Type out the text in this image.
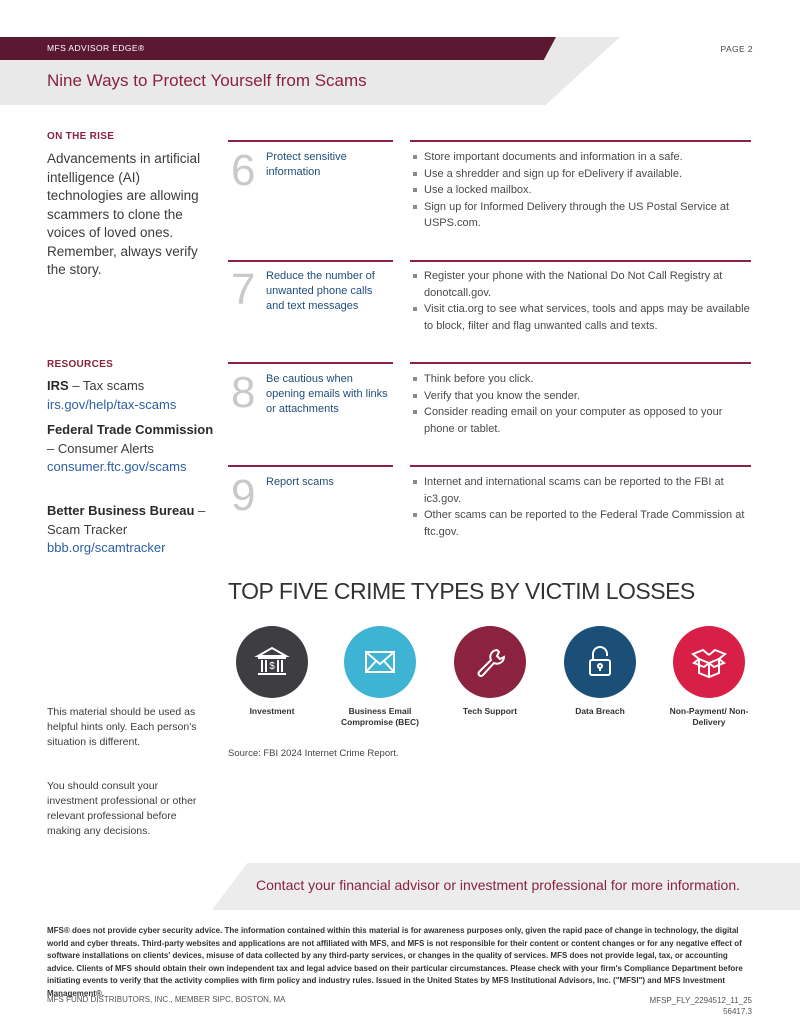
MFS ADVISOR EDGE®	PAGE 2
Nine Ways to Protect Yourself from Scams
ON THE RISE
Advancements in artificial intelligence (AI) technologies are allowing scammers to clone the voices of loved ones. Remember, always verify the story.
RESOURCES
IRS – Tax scams
irs.gov/help/tax-scams
Federal Trade Commission – Consumer Alerts
consumer.ftc.gov/scams
Better Business Bureau – Scam Tracker
bbb.org/scamtracker
6 Protect sensitive information
Store important documents and information in a safe.
Use a shredder and sign up for eDelivery if available.
Use a locked mailbox.
Sign up for Informed Delivery through the US Postal Service at USPS.com.
7 Reduce the number of unwanted phone calls and text messages
Register your phone with the National Do Not Call Registry at donotcall.gov.
Visit ctia.org to see what services, tools and apps may be available to block, filter and flag unwanted calls and texts.
8 Be cautious when opening emails with links or attachments
Think before you click.
Verify that you know the sender.
Consider reading email on your computer as opposed to your phone or tablet.
9 Report scams	Internet and international scams can be reported to the FBI at ic3.gov.
Other scams can be reported to the Federal Trade Commission at ftc.gov.
TOP FIVE CRIME TYPES BY VICTIM LOSSES
$
Investment	Business Email Compromise (BEC)
Tech Support	Data Breach	Non-Payment/ Non-Delivery
Source: FBI 2024 Internet Crime Report.
This material should be used as helpful hints only. Each person's situation is different.
You should consult your investment professional or other relevant professional before making any decisions.
Contact your financial advisor or investment professional for more information.
MFS® does not provide cyber security advice. The information contained within this material is for awareness purposes only, given the rapid pace of change in technology, the digital world and cyber threats. Third-party websites and applications are not affiliated with MFS, and MFS is not responsible for their content or content changes or for any negative effect of software installations on clients' devices, misuse of data collected by any third-party services, or changes in the quality of services. MFS does not provide legal, tax, or accounting advice. Clients of MFS should obtain their own independent tax and legal advice based on their particular circumstances. Please check with your firm's Compliance Department before initiating events to verify that the activity complies with firm policy and industry rules. Issued in the United States by MFS Institutional Advisors, Inc. ("MFSI") and MFS Investment Management®.
MFS FUND DISTRIBUTORS, INC., MEMBER SIPC, BOSTON, MA	MFSP_FLY_2294512_11_25
56417.3
